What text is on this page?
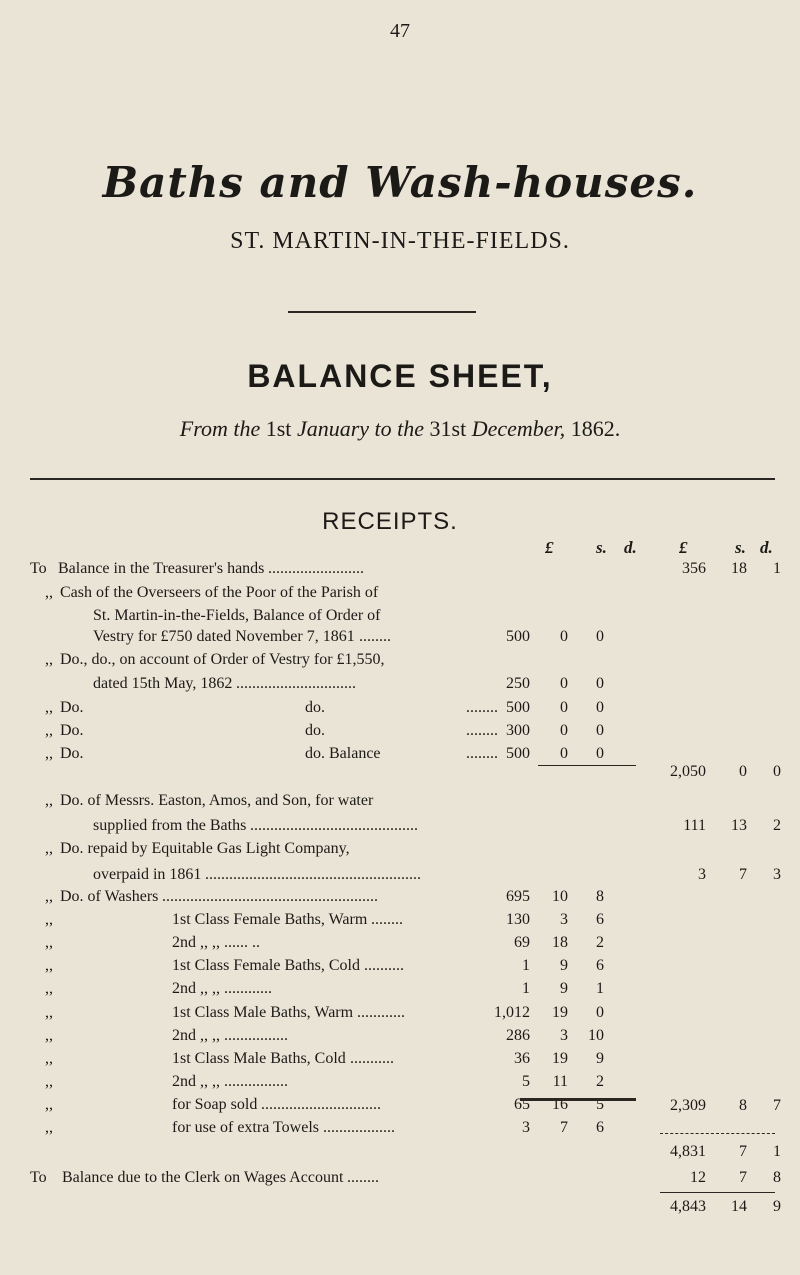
47
Baths and Wash-houses.
ST. MARTIN-IN-THE-FIELDS.
BALANCE SHEET,
From the 1st January to the 31st December, 1862.
RECEIPTS.
£	s. d. £	s. d.
To Balance in the Treasurer's hands ........................	356 18 1
,, Cash of the Overseers of the Poor of the Parish of
St. Martin-in-the-Fields, Balance of Order of
Vestry for £750 dated November 7, 1861 ........	500 0 0
,, Do., do., on account of Order of Vestry for £1,550,
dated 15th May, 1862 ..............................	250 0 0
,, Do.	do.	........ 500 0 0
,, Do.	do.	........ 300 0 0
,, Do.	do. Balance	........ 500 0 0
2,050 0 0
,, Do. of Messrs. Easton, Amos, and Son, for water
supplied from the Baths ..........................................	111 13 2
,, Do. repaid by Equitable Gas Light Company,
overpaid in 1861 ......................................................	3 7 3
,, Do. of Washers ......................................................	695 10 8
,,	1st Class Female Baths, Warm ........	130 3 6
,,	2nd ,, ,, ...... ..	69 18 2
,,	1st Class Female Baths, Cold ..........	1 9 6
,,	2nd ,, ,, ............	1 9 1
,,	1st Class Male Baths, Warm ............	1,012 19 0
,,	2nd ,, ,, ................	286 3 10
,,	1st Class Male Baths, Cold ...........	36 19 9
,,	2nd ,, ,, ................	5 11 2
,,	for Soap sold ..............................	65 16 5
,,	for use of extra Towels ..................	3 7 6
2,309 8 7
4,831 7 1
To Balance due to the Clerk on Wages Account ........	12 7 8
4,843 14 9
